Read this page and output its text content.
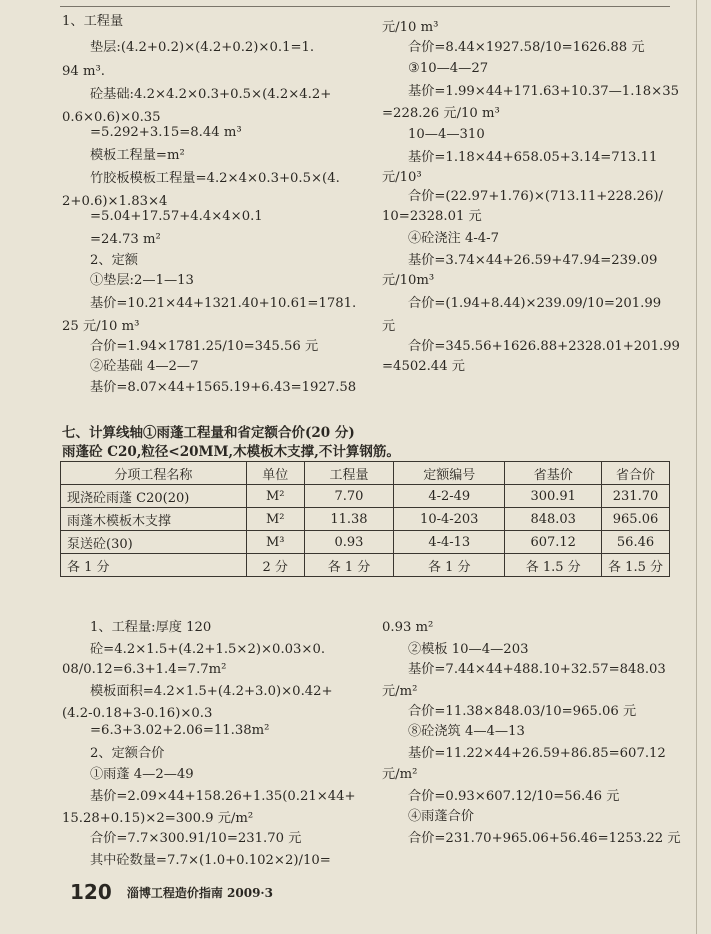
1、工程量
垫层:(4.2+0.2)×(4.2+0.2)×0.1=1.
94 m³.
砼基础:4.2×4.2×0.3+0.5×(4.2×4.2+
0.6×0.6)×0.35
=5.292+3.15=8.44 m³
模板工程量=m²
竹胶板模板工程量=4.2×4×0.3+0.5×(4.
2+0.6)×1.83×4
=5.04+17.57+4.4×4×0.1
=24.73 m²
2、定额
①垫层:2—1—13
基价=10.21×44+1321.40+10.61=1781.
25 元/10 m³
合价=1.94×1781.25/10=345.56 元
②砼基础 4—2—7
基价=8.07×44+1565.19+6.43=1927.58
元/10 m³
合价=8.44×1927.58/10=1626.88 元
③10—4—27
基价=1.99×44+171.63+10.37—1.18×35
=228.26 元/10 m³
10—4—310
基价=1.18×44+658.05+3.14=713.11
元/10³
合价=(22.97+1.76)×(713.11+228.26)/
10=2328.01 元
④砼浇注 4-4-7
基价=3.74×44+26.59+47.94=239.09
元/10m³
合价=(1.94+8.44)×239.09/10=201.99
元
合价=345.56+1626.88+2328.01+201.99
=4502.44 元
七、计算线轴①雨蓬工程量和省定额合价(20 分)
雨蓬砼 C20,粒径<20MM,木模板木支撑,不计算钢筋。
分项工程名称	单位	工程量	定额编号	省基价	省合价
现浇砼雨蓬 C20(20)	M²	7.70	4-2-49	300.91	231.70
雨蓬木模板木支撑	M²	11.38	10-4-203	848.03	965.06
泵送砼(30)	M³	0.93	4-4-13	607.12	56.46
各 1 分	2 分	各 1 分	各 1 分	各 1.5 分	各 1.5 分
1、工程量:厚度 120
砼=4.2×1.5+(4.2+1.5×2)×0.03×0.
08/0.12=6.3+1.4=7.7m²
模板面积=4.2×1.5+(4.2+3.0)×0.42+
(4.2-0.18+3-0.16)×0.3
=6.3+3.02+2.06=11.38m²
2、定额合价
①雨蓬 4—2—49
基价=2.09×44+158.26+1.35(0.21×44+
15.28+0.15)×2=300.9 元/m²
合价=7.7×300.91/10=231.70 元
其中砼数量=7.7×(1.0+0.102×2)/10=
0.93 m²
②模板 10—4—203
基价=7.44×44+488.10+32.57=848.03
元/m²
合价=11.38×848.03/10=965.06 元
⑧砼浇筑 4—4—13
基价=11.22×44+26.59+86.85=607.12
元/m²
合价=0.93×607.12/10=56.46 元
④雨蓬合价
合价=231.70+965.06+56.46=1253.22 元
120 淄博工程造价指南 2009·3
